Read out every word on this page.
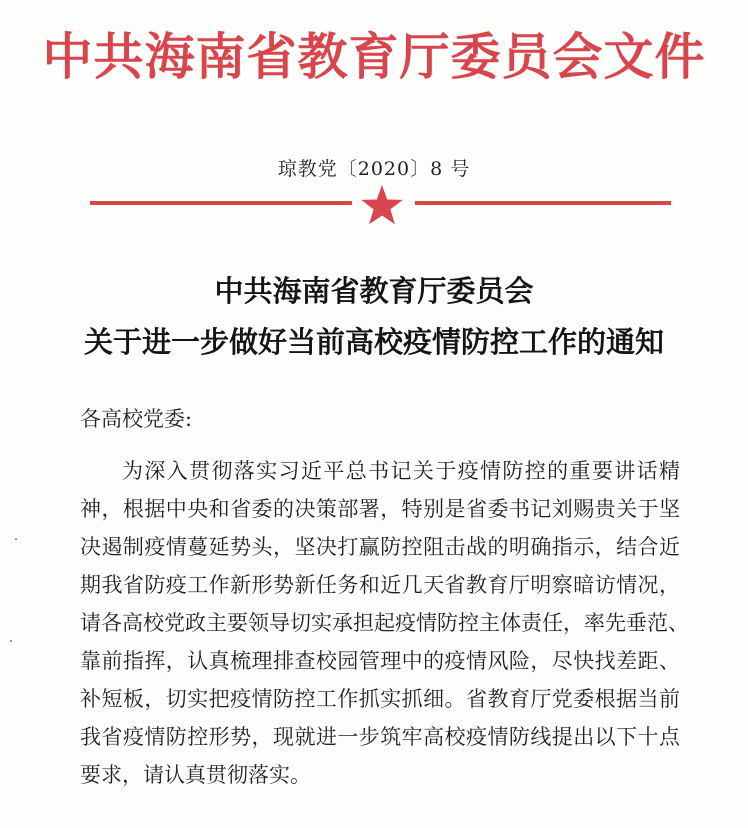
中共海南省教育厅委员会文件
琼教党〔2020〕8 号
中共海南省教育厅委员会
关于进一步做好当前高校疫情防控工作的通知
各高校党委:
为深入贯彻落实习近平总书记关于疫情防控的重要讲话精
神，根据中央和省委的决策部署，特别是省委书记刘赐贵关于坚
决遏制疫情蔓延势头，坚决打赢防控阻击战的明确指示，结合近
期我省防疫工作新形势新任务和近几天省教育厅明察暗访情况，
请各高校党政主要领导切实承担起疫情防控主体责任，率先垂范、
靠前指挥，认真梳理排查校园管理中的疫情风险，尽快找差距、
补短板，切实把疫情防控工作抓实抓细。省教育厅党委根据当前
我省疫情防控形势，现就进一步筑牢高校疫情防线提出以下十点
要求，请认真贯彻落实。
